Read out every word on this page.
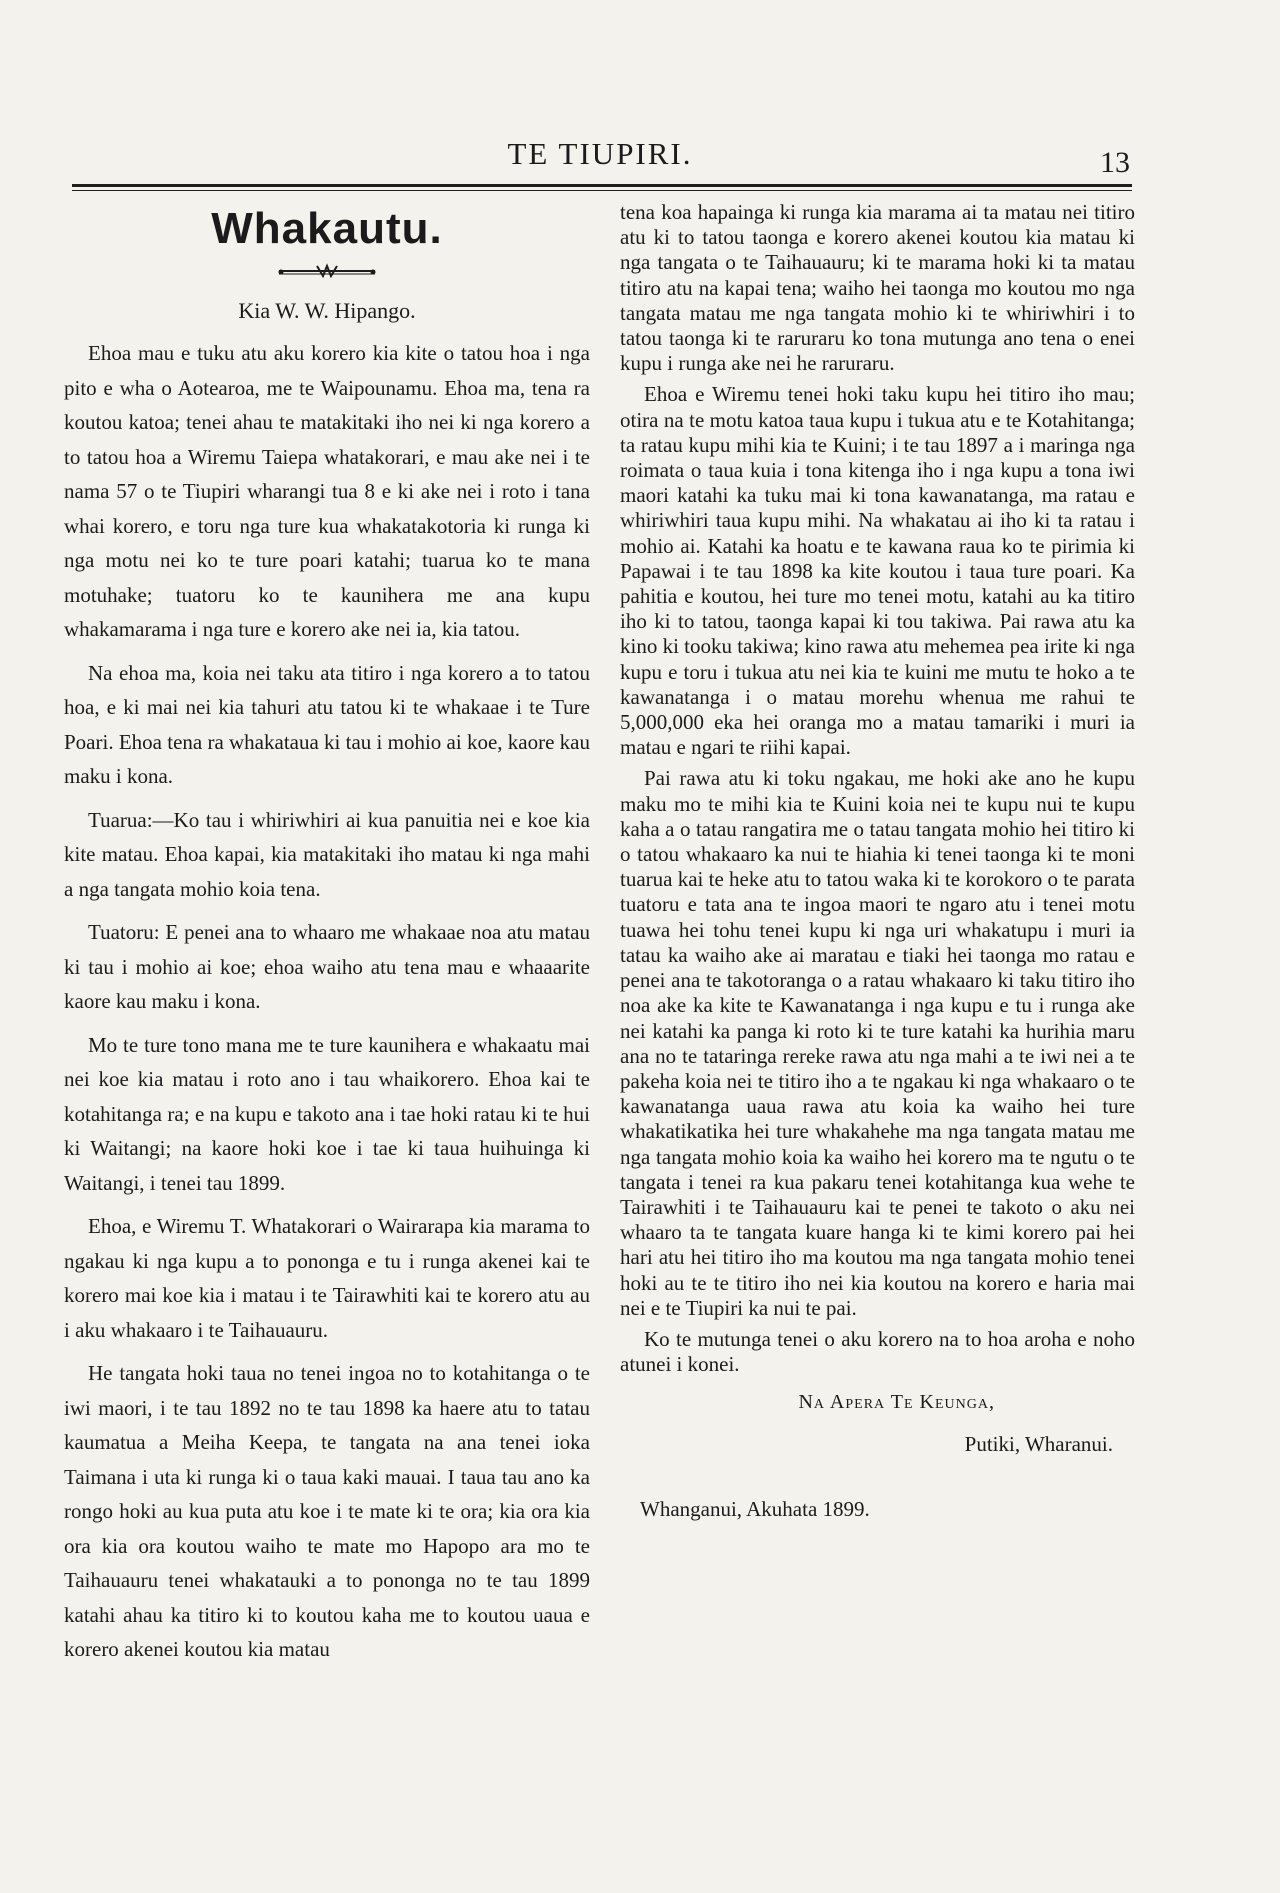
TE TIUPIRI.	13
Whakautu.
Kia W. W. Hipango.

Ehoa mau e tuku atu aku korero kia kite o tatou hoa i nga pito e wha o Aotearoa, me te Waipounamu. Ehoa ma, tena ra koutou katoa; tenei ahau te matakitaki iho nei ki nga korero a to tatou hoa a Wiremu Taiepa whatakorari, e mau ake nei i te nama 57 o te Tiupiri wharangi tua 8 e ki ake nei i roto i tana whai korero, e toru nga ture kua whakatakotoria ki runga ki nga motu nei ko te ture poari katahi; tuarua ko te mana motuhake; tuatoru ko te kaunihera me ana kupu whakamarama i nga ture e korero ake nei ia, kia tatou.

Na ehoa ma, koia nei taku ata titiro i nga korero a to tatou hoa, e ki mai nei kia tahuri atu tatou ki te whakaae i te Ture Poari. Ehoa tena ra whakataua ki tau i mohio ai koe, kaore kau maku i kona.

Tuarua:—Ko tau i whiriwhiri ai kua panuitia nei e koe kia kite matau. Ehoa kapai, kia matakitaki iho matau ki nga mahi a nga tangata mohio koia tena.

Tuatoru: E penei ana to whaaro me whakaae noa atu matau ki tau i mohio ai koe; ehoa waiho atu tena mau e whaaarite kaore kau maku i kona.

Mo te ture tono mana me te ture kaunihera e whakaatu mai nei koe kia matau i roto ano i tau whaikorero. Ehoa kai te kotahitanga ra; e na kupu e takoto ana i tae hoki ratau ki te hui ki Waitangi; na kaore hoki koe i tae ki taua huihuinga ki Waitangi, i tenei tau 1899.

Ehoa, e Wiremu T. Whatakorari o Wairarapa kia marama to ngakau ki nga kupu a to pononga e tu i runga akenei kai te korero mai koe kia i matau i te Tairawhiti kai te korero atu au i aku whakaaro i te Taihauauru.

He tangata hoki taua no tenei ingoa no to kotahitanga o te iwi maori, i te tau 1892 no te tau 1898 ka haere atu to tatau kaumatua a Meiha Keepa, te tangata na ana tenei ioka Taimana i uta ki runga ki o taua kaki mauai. I taua tau ano ka rongo hoki au kua puta atu koe i te mate ki te ora; kia ora kia ora kia ora koutou waiho te mate mo Hapopo ara mo te Taihauauru tenei whakatauki a to pononga no te tau 1899 katahi ahau ka titiro ki to koutou kaha me to koutou uaua e korero akenei koutou kia matau

tena koa hapainga ki runga kia marama ai ta matau nei titiro atu ki to tatou taonga e korero akenei koutou kia matau ki nga tangata o te Taihauauru; ki te marama hoki ki ta matau titiro atu na kapai tena; waiho hei taonga mo koutou mo nga tangata matau me nga tangata mohio ki te whiriwhiri i to tatou taonga ki te raruraru ko tona mutunga ano tena o enei kupu i runga ake nei he raruraru.

Ehoa e Wiremu tenei hoki taku kupu hei titiro iho mau; otira na te motu katoa taua kupu i tukua atu e te Kotahitanga; ta ratau kupu mihi kia te Kuini; i te tau 1897 a i maringa nga roimata o taua kuia i tona kitenga iho i nga kupu a tona iwi maori katahi ka tuku mai ki tona kawanatanga, ma ratau e whiriwhiri taua kupu mihi. Na whakatau ai iho ki ta ratau i mohio ai. Katahi ka hoatu e te kawana raua ko te pirimia ki Papawai i te tau 1898 ka kite koutou i taua ture poari. Ka pahitia e koutou, hei ture mo tenei motu, katahi au ka titiro iho ki to tatou, taonga kapai ki tou takiwa. Pai rawa atu ka kino ki tooku takiwa; kino rawa atu mehemea pea irite ki nga kupu e toru i tukua atu nei kia te kuini me mutu te hoko a te kawanatanga i o matau morehu whenua me rahui te 5,000,000 eka hei oranga mo a matau tamariki i muri ia matau e ngari te riihi kapai.

Pai rawa atu ki toku ngakau, me hoki ake ano he kupu maku mo te mihi kia te Kuini koia nei te kupu nui te kupu kaha a o tatau rangatira me o tatau tangata mohio hei titiro ki o tatou whakaaro ka nui te hiahia ki tenei taonga ki te moni tuarua kai te heke atu to tatou waka ki te korokoro o te parata tuatoru e tata ana te ingoa maori te ngaro atu i tenei motu tuawa hei tohu tenei kupu ki nga uri whakatupu i muri ia tatau ka waiho ake ai maratau e tiaki hei taonga mo ratau e penei ana te takotoranga o a ratau whakaaro ki taku titiro iho noa ake ka kite te Kawanatanga i nga kupu e tu i runga ake nei katahi ka panga ki roto ki te ture katahi ka hurihia maru ana no te tataringa rereke rawa atu nga mahi a te iwi nei a te pakeha koia nei te titiro iho a te ngakau ki nga whakaaro o te kawanatanga uaua rawa atu koia ka waiho hei ture whakatikatika hei ture whakahehe ma nga tangata matau me nga tangata mohio koia ka waiho hei korero ma te ngutu o te tangata i tenei ra kua pakaru tenei kotahitanga kua wehe te Tairawhiti i te Taihauauru kai te penei te takoto o aku nei whaaro ta te tangata kuare hanga ki te kimi korero pai hei hari atu hei titiro iho ma koutou ma nga tangata mohio tenei hoki au te te titiro iho nei kia koutou na korero e haria mai nei e te Tiupiri ka nui te pai.

Ko te mutunga tenei o aku korero na to hoa aroha e noho atunei i konei.

Na Apera Te Keunga,
Putiki, Wharanui.
Whanganui, Akuhata 1899.
